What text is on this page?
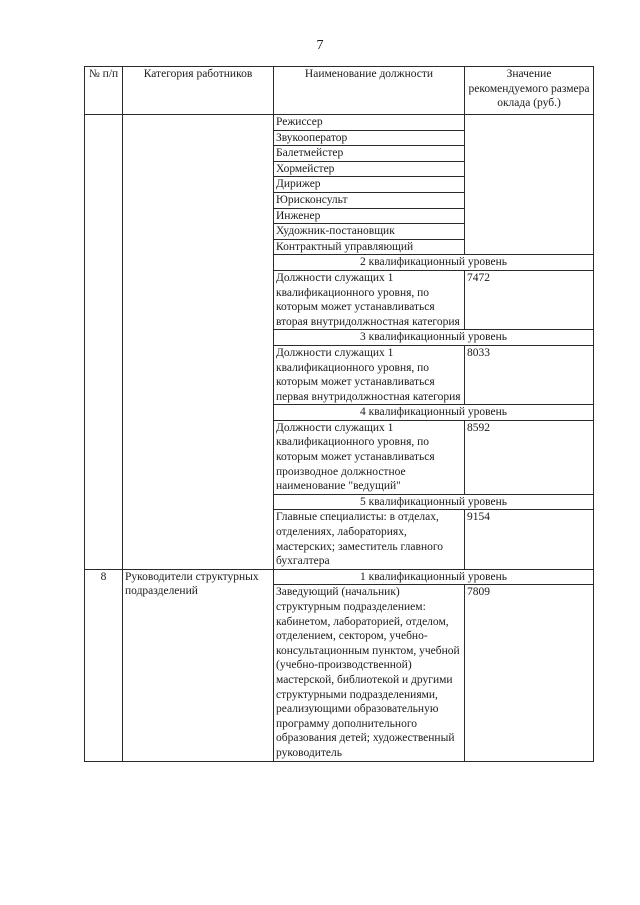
7
№ п/п	Категория работников	Наименование должности	Значение рекомендуемого размера оклада (руб.)
		Режиссер	
		Звукооператор	
		Балетмейстер	
		Хормейстер	
		Дирижер	
		Юрисконсульт	
		Инженер	
		Художник-постановщик	
		Контрактный управляющий	
		2 квалификационный уровень	
		Должности служащих 1 квалификационного уровня, по которым может устанавливаться вторая внутридолжностная категория	7472
		3 квалификационный уровень	
		Должности служащих 1 квалификационного уровня, по которым может устанавливаться первая внутридолжностная категория	8033
		4 квалификационный уровень	
		Должности служащих 1 квалификационного уровня, по которым может устанавливаться производное должностное наименование "ведущий"	8592
		5 квалификационный уровень	
		Главные специалисты: в отделах, отделениях, лабораториях, мастерских; заместитель главного бухгалтера	9154
8	Руководители структурных подразделений	1 квалификационный уровень	
		Заведующий (начальник) структурным подразделением: кабинетом, лабораторией, отделом, отделением, сектором, учебно-консультационным пунктом, учебной (учебно-производственной) мастерской, библиотекой и другими структурными подразделениями, реализующими образовательную программу дополнительного образования детей; художественный руководитель	7809
